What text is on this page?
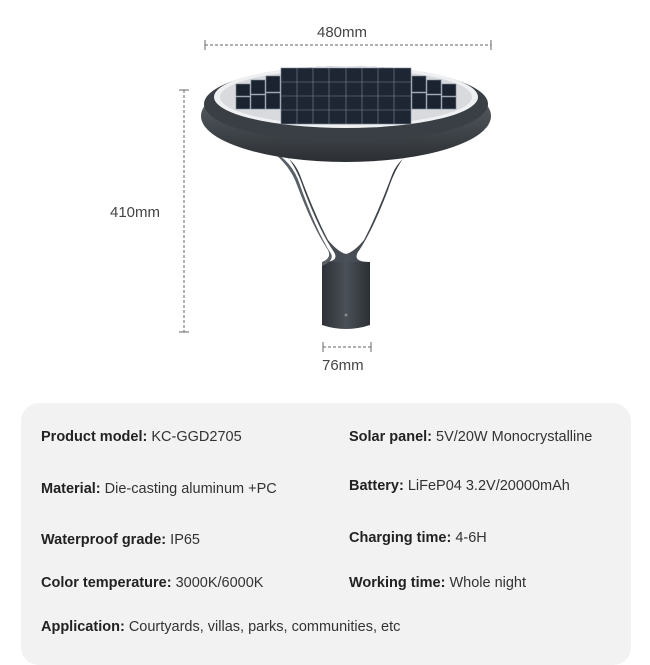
480mm
410mm
76mm
Product model: KC-GGD2705	Solar panel: 5V/20W Monocrystalline
Material: Die-casting aluminum +PC	Battery: LiFeP04 3.2V/20000mAh
Waterproof grade: IP65	Charging time: 4-6H
Color temperature: 3000K/6000K	Working time: Whole night
Application: Courtyards, villas, parks, communities, etc
